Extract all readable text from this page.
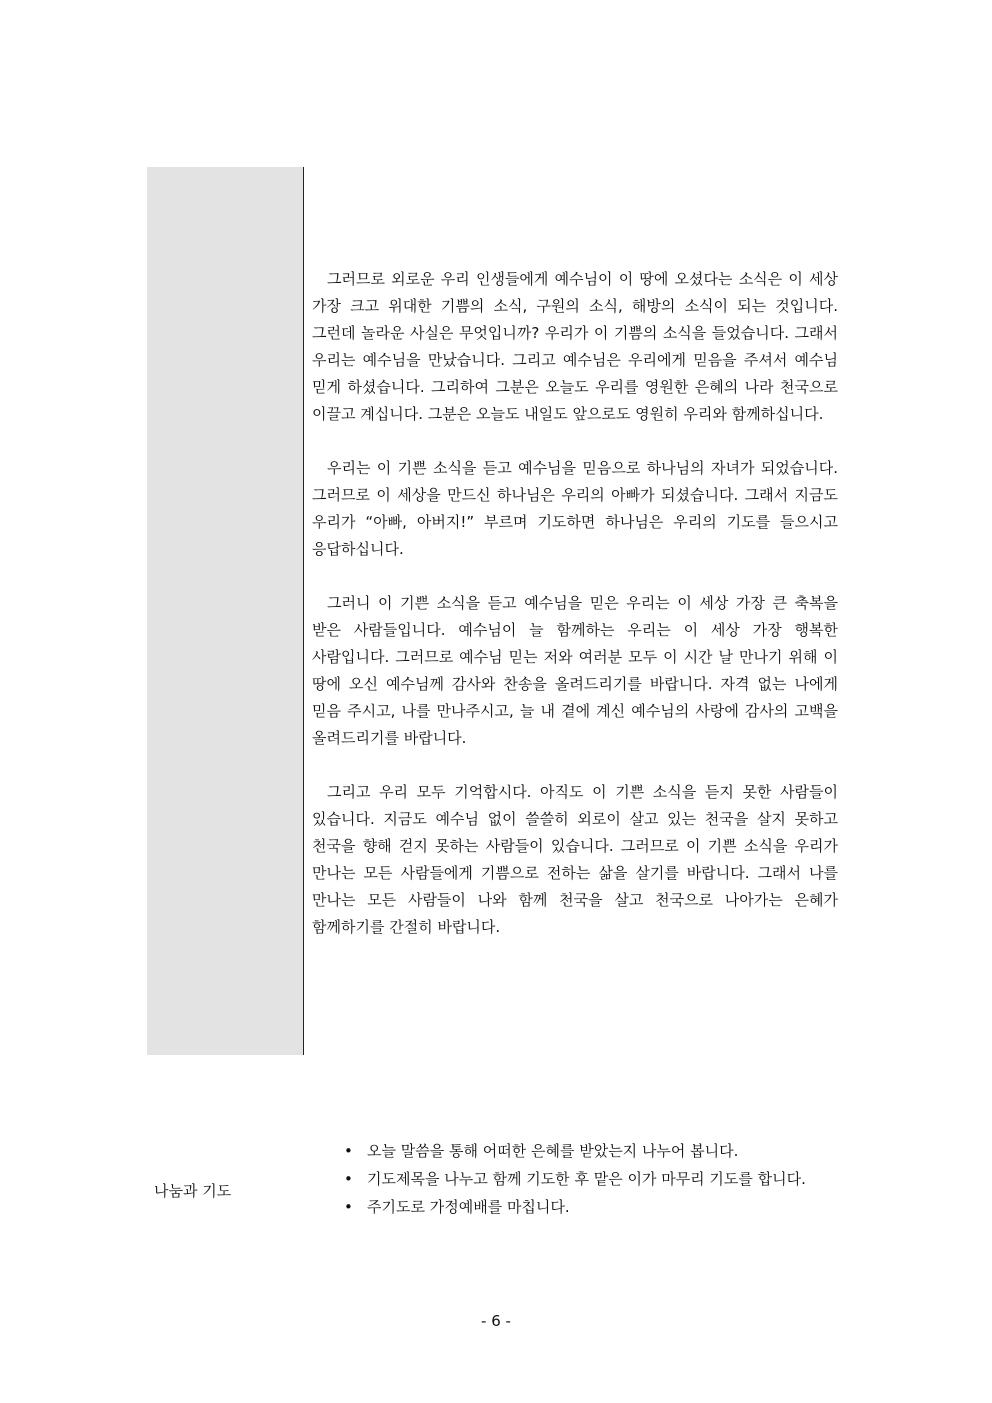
그러므로 외로운 우리 인생들에게 예수님이 이 땅에 오셨다는 소식은 이 세상 가장 크고 위대한 기쁨의 소식, 구원의 소식, 해방의 소식이 되는 것입니다. 그런데 놀라운 사실은 무엇입니까? 우리가 이 기쁨의 소식을 들었습니다. 그래서 우리는 예수님을 만났습니다. 그리고 예수님은 우리에게 믿음을 주셔서 예수님 믿게 하셨습니다. 그리하여 그분은 오늘도 우리를 영원한 은혜의 나라 천국으로 이끌고 계십니다. 그분은 오늘도 내일도 앞으로도 영원히 우리와 함께하십니다.

우리는 이 기쁜 소식을 듣고 예수님을 믿음으로 하나님의 자녀가 되었습니다. 그러므로 이 세상을 만드신 하나님은 우리의 아빠가 되셨습니다. 그래서 지금도 우리가 “아빠, 아버지!” 부르며 기도하면 하나님은 우리의 기도를 들으시고 응답하십니다.

그러니 이 기쁜 소식을 듣고 예수님을 믿은 우리는 이 세상 가장 큰 축복을 받은 사람들입니다. 예수님이 늘 함께하는 우리는 이 세상 가장 행복한 사람입니다. 그러므로 예수님 믿는 저와 여러분 모두 이 시간 날 만나기 위해 이 땅에 오신 예수님께 감사와 찬송을 올려드리기를 바랍니다. 자격 없는 나에게 믿음 주시고, 나를 만나주시고, 늘 내 곁에 계신 예수님의 사랑에 감사의 고백을 올려드리기를 바랍니다.

그리고 우리 모두 기억합시다. 아직도 이 기쁜 소식을 듣지 못한 사람들이 있습니다. 지금도 예수님 없이 쓸쓸히 외로이 살고 있는 천국을 살지 못하고 천국을 향해 걷지 못하는 사람들이 있습니다. 그러므로 이 기쁜 소식을 우리가 만나는 모든 사람들에게 기쁨으로 전하는 삶을 살기를 바랍니다. 그래서 나를 만나는 모든 사람들이 나와 함께 천국을 살고 천국으로 나아가는 은혜가 함께하기를 간절히 바랍니다.

나눔과 기도
• 오늘 말씀을 통해 어떠한 은혜를 받았는지 나누어 봅니다.
• 기도제목을 나누고 함께 기도한 후 맡은 이가 마무리 기도를 합니다.
• 주기도로 가정예배를 마칩니다.
- 6 -
